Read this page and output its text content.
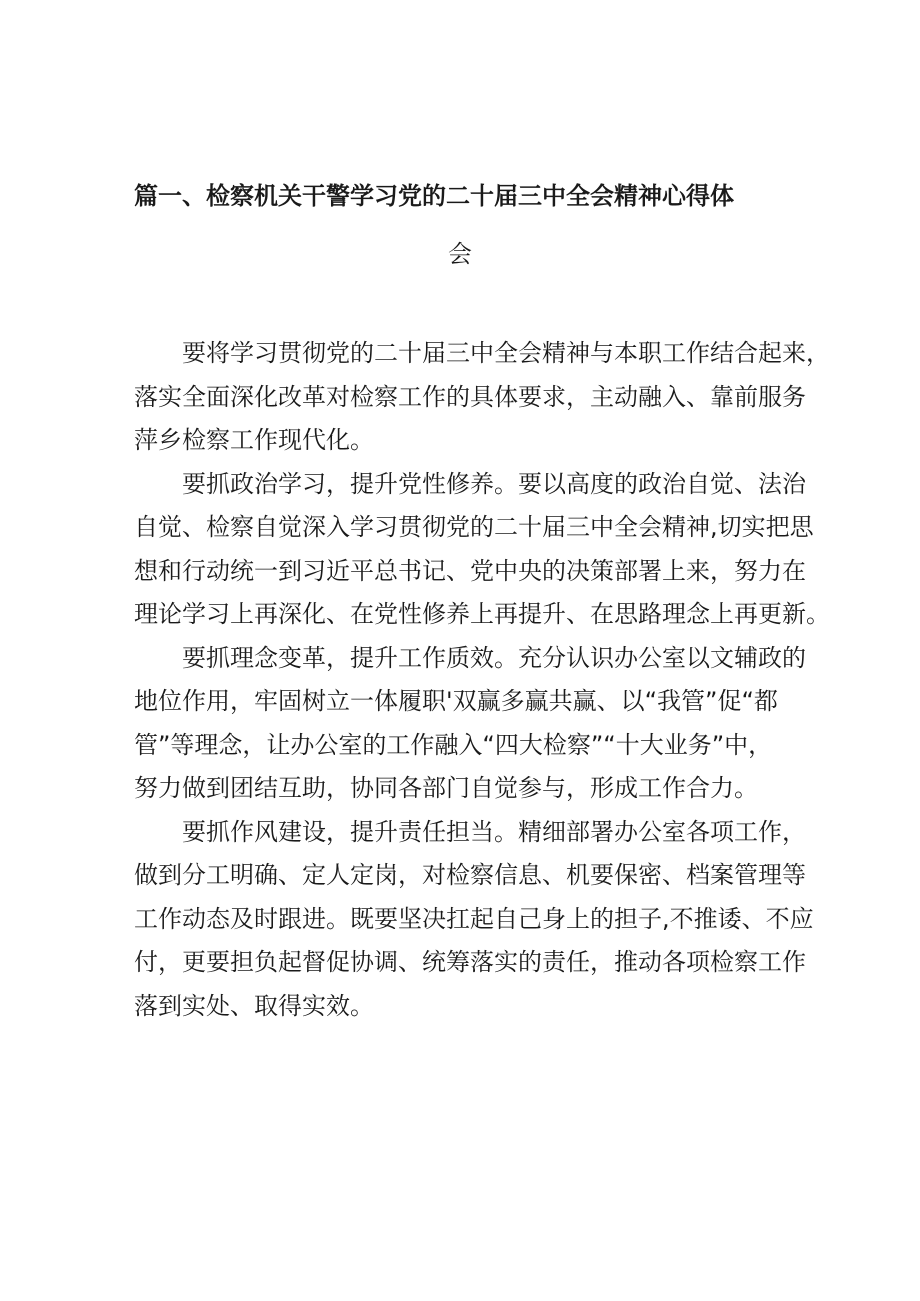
篇一、检察机关干警学习党的二十届三中全会精神心得体
会
要将学习贯彻党的二十届三中全会精神与本职工作结合起来，
落实全面深化改革对检察工作的具体要求，主动融入、靠前服务
萍乡检察工作现代化。
要抓政治学习，提升党性修养。要以高度的政治自觉、法治
自觉、检察自觉深入学习贯彻党的二十届三中全会精神,切实把思
想和行动统一到习近平总书记、党中央的决策部署上来，努力在
理论学习上再深化、在党性修养上再提升、在思路理念上再更新。
要抓理念变革，提升工作质效。充分认识办公室以文辅政的
地位作用，牢固树立一体履职'双赢多赢共赢、以“我管”促“都
管”等理念，让办公室的工作融入“四大检察”“十大业务”中，
努力做到团结互助，协同各部门自觉参与，形成工作合力。
要抓作风建设，提升责任担当。精细部署办公室各项工作，
做到分工明确、定人定岗，对检察信息、机要保密、档案管理等
工作动态及时跟进。既要坚决扛起自己身上的担子,不推诿、不应
付，更要担负起督促协调、统筹落实的责任，推动各项检察工作
落到实处、取得实效。
